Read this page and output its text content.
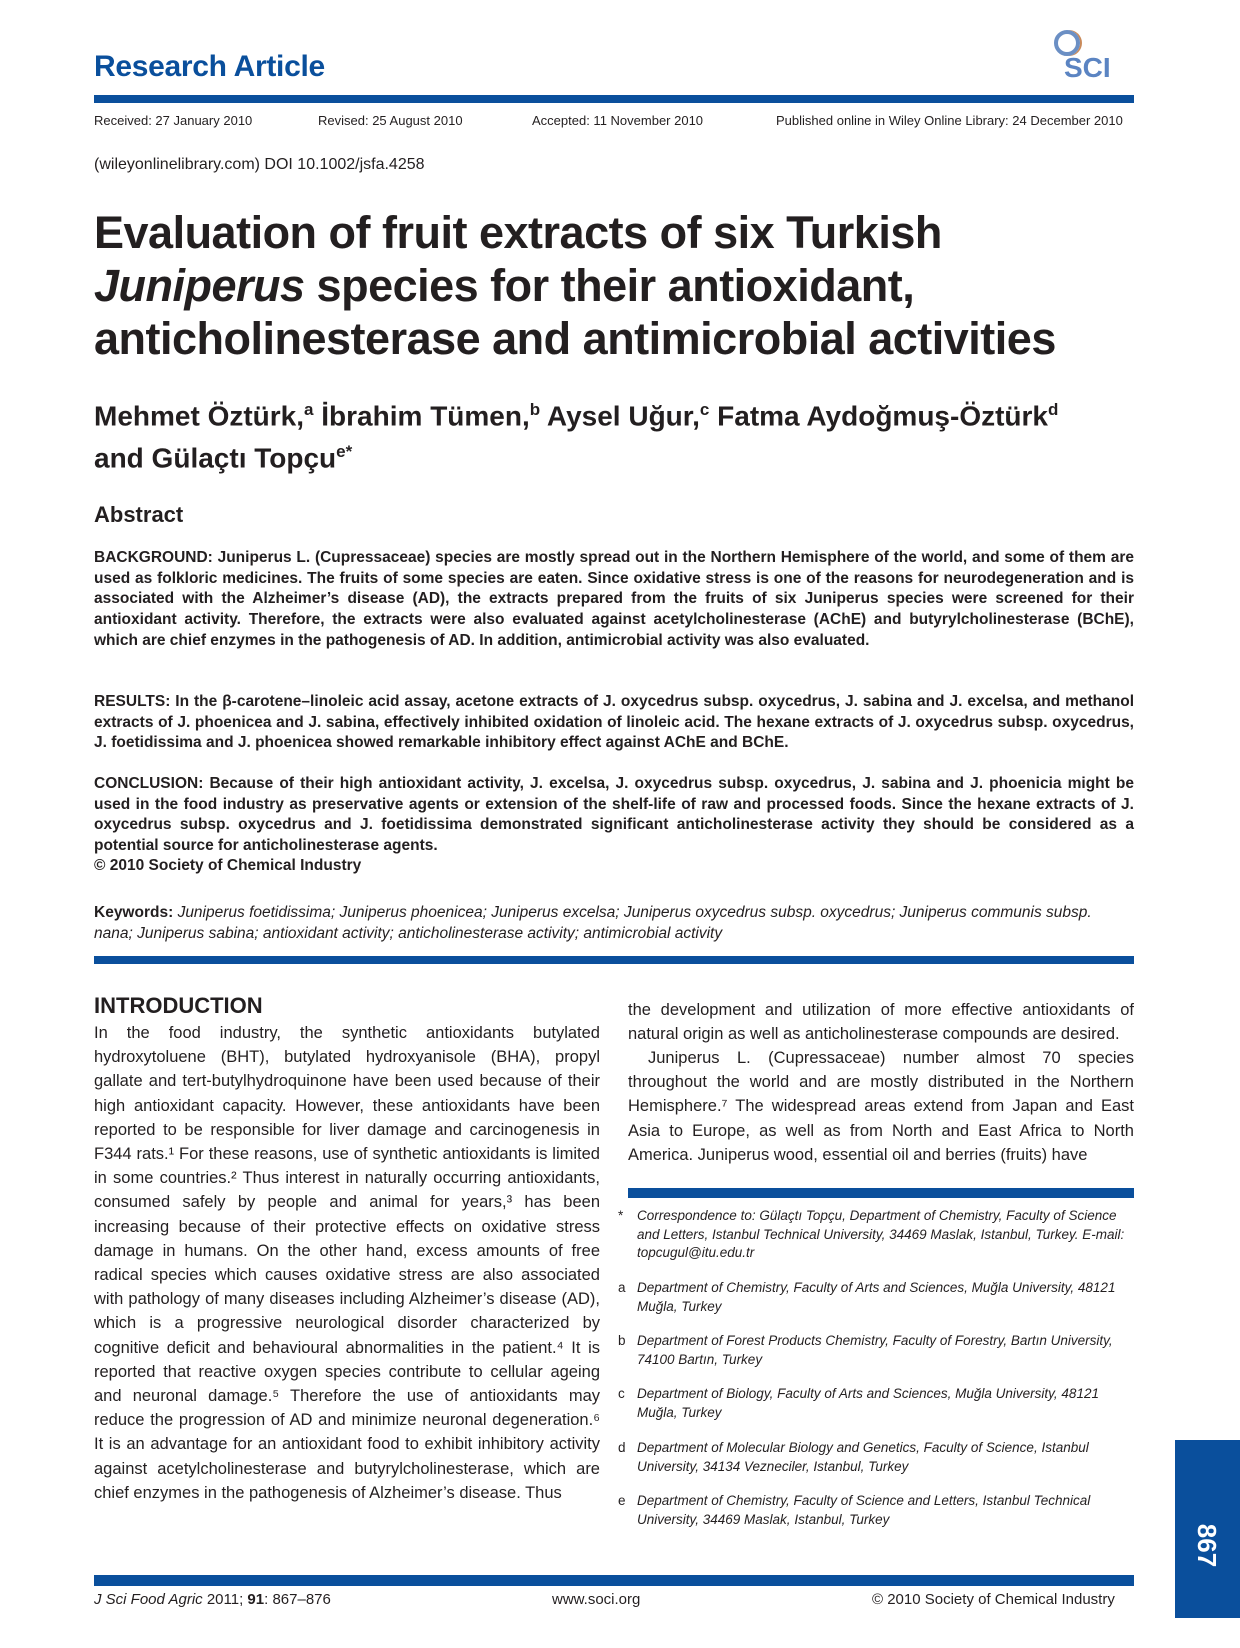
Research Article	SCI
Received: 27 January 2010	Revised: 25 August 2010	Accepted: 11 November 2010	Published online in Wiley Online Library: 24 December 2010
(wileyonlinelibrary.com) DOI 10.1002/jsfa.4258
Evaluation of fruit extracts of six Turkish
Juniperus species for their antioxidant,
anticholinesterase and antimicrobial activities
Mehmet Öztürk,$^a$ İbrahim Tümen,$^b$ Aysel Uğur,$^c$ Fatma Aydoğmuş-Öztürk$^d$
and Gülaçtı Topçu$^{e*}$
Abstract
BACKGROUND: Juniperus L. (Cupressaceae) species are mostly spread out in the Northern Hemisphere of the world, and some of them are used as folkloric medicines. The fruits of some species are eaten. Since oxidative stress is one of the reasons for neurodegeneration and is associated with the Alzheimer’s disease (AD), the extracts prepared from the fruits of six Juniperus species were screened for their antioxidant activity. Therefore, the extracts were also evaluated against acetylcholinesterase (AChE) and butyrylcholinesterase (BChE), which are chief enzymes in the pathogenesis of AD. In addition, antimicrobial activity was also evaluated.
RESULTS: In the β-carotene–linoleic acid assay, acetone extracts of J. oxycedrus subsp. oxycedrus, J. sabina and J. excelsa, and methanol extracts of J. phoenicea and J. sabina, effectively inhibited oxidation of linoleic acid. The hexane extracts of J. oxycedrus subsp. oxycedrus, J. foetidissima and J. phoenicea showed remarkable inhibitory effect against AChE and BChE.
CONCLUSION: Because of their high antioxidant activity, J. excelsa, J. oxycedrus subsp. oxycedrus, J. sabina and J. phoenicia might be used in the food industry as preservative agents or extension of the shelf-life of raw and processed foods. Since the hexane extracts of J. oxycedrus subsp. oxycedrus and J. foetidissima demonstrated significant anticholinesterase activity they should be considered as a potential source for anticholinesterase agents.
© 2010 Society of Chemical Industry
Keywords: Juniperus foetidissima; Juniperus phoenicea; Juniperus excelsa; Juniperus oxycedrus subsp. oxycedrus; Juniperus communis subsp. nana; Juniperus sabina; antioxidant activity; anticholinesterase activity; antimicrobial activity
INTRODUCTION
In the food industry, the synthetic antioxidants butylated hydroxytoluene (BHT), butylated hydroxyanisole (BHA), propyl gallate and tert-butylhydroquinone have been used because of their high antioxidant capacity. However, these antioxidants have been reported to be responsible for liver damage and carcinogenesis in F344 rats.¹ For these reasons, use of synthetic antioxidants is limited in some countries.² Thus interest in naturally occurring antioxidants, consumed safely by people and animal for years,³ has been increasing because of their protective effects on oxidative stress damage in humans. On the other hand, excess amounts of free radical species which causes oxidative stress are also associated with pathology of many diseases including Alzheimer’s disease (AD), which is a progressive neurological disorder characterized by cognitive deficit and behavioural abnormalities in the patient.⁴ It is reported that reactive oxygen species contribute to cellular ageing and neuronal damage.⁵ Therefore the use of antioxidants may reduce the progression of AD and minimize neuronal degeneration.⁶ It is an advantage for an antioxidant food to exhibit inhibitory activity against acetylcholinesterase and butyrylcholinesterase, which are chief enzymes in the pathogenesis of Alzheimer’s disease. Thus
the development and utilization of more effective antioxidants of natural origin as well as anticholinesterase compounds are desired.
Juniperus L. (Cupressaceae) number almost 70 species throughout the world and are mostly distributed in the Northern Hemisphere.⁷ The widespread areas extend from Japan and East Asia to Europe, as well as from North and East Africa to North America. Juniperus wood, essential oil and berries (fruits) have
* Correspondence to: Gülaçtı Topçu, Department of Chemistry, Faculty of Science and Letters, Istanbul Technical University, 34469 Maslak, Istanbul, Turkey. E-mail: topcugul@itu.edu.tr
a Department of Chemistry, Faculty of Arts and Sciences, Muğla University, 48121 Muğla, Turkey
b Department of Forest Products Chemistry, Faculty of Forestry, Bartın University, 74100 Bartın, Turkey
c Department of Biology, Faculty of Arts and Sciences, Muğla University, 48121 Muğla, Turkey
d Department of Molecular Biology and Genetics, Faculty of Science, Istanbul University, 34134 Vezneciler, Istanbul, Turkey
e Department of Chemistry, Faculty of Science and Letters, Istanbul Technical University, 34469 Maslak, Istanbul, Turkey
867
J Sci Food Agric 2011; 91: 867–876	www.soci.org	© 2010 Society of Chemical Industry
